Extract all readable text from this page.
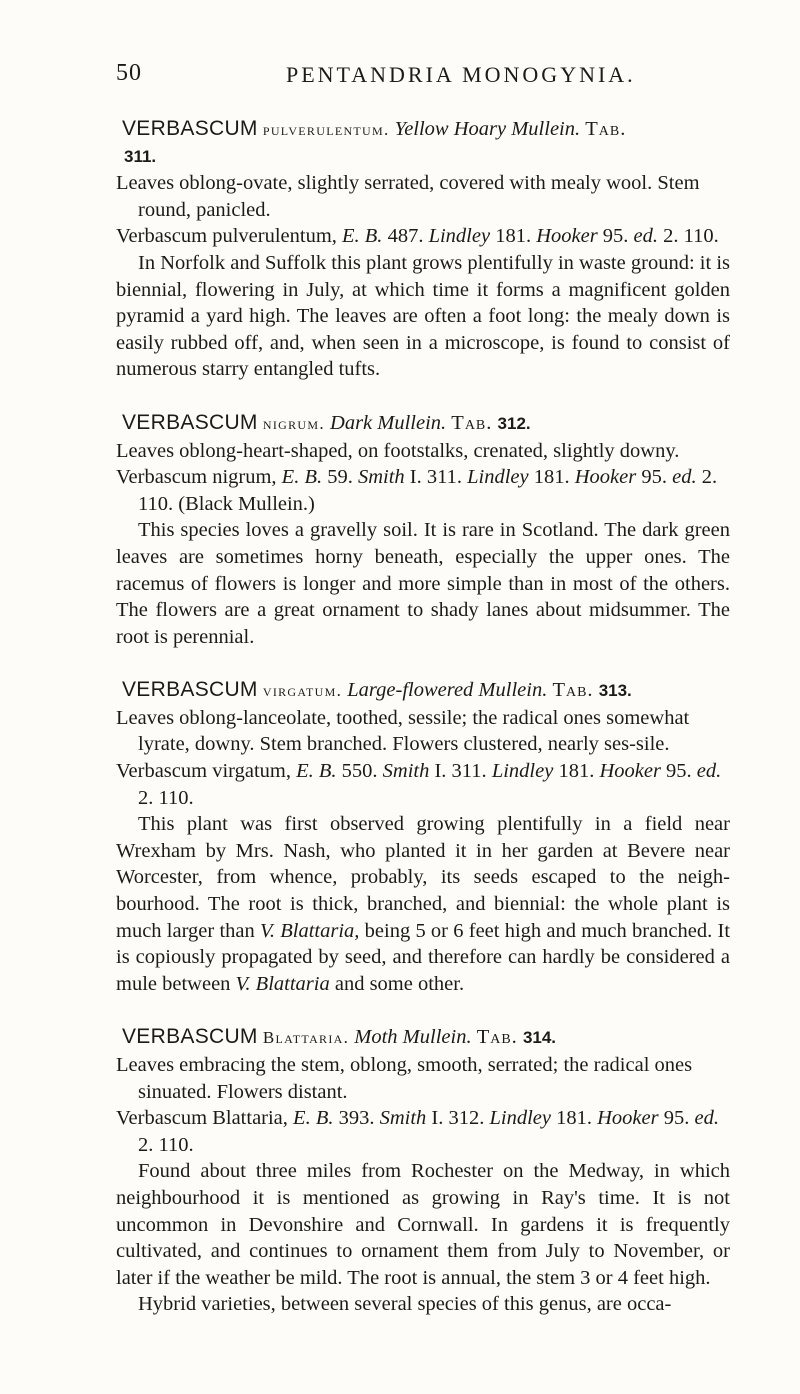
50	PENTANDRIA MONOGYNIA.

VERBASCUM pulverulentum. Yellow Hoary Mullein. Tab.
311.

Leaves oblong-ovate, slightly serrated, covered with mealy wool. Stem round, panicled.

Verbascum pulverulentum, E. B. 487. Lindley 181. Hooker 95. ed. 2. 110.

In Norfolk and Suffolk this plant grows plentifully in waste ground: it is biennial, flowering in July, at which time it forms a magnificent golden pyramid a yard high. The leaves are often a foot long: the mealy down is easily rubbed off, and, when seen in a microscope, is found to consist of numerous starry entangled tufts.

VERBASCUM nigrum. Dark Mullein. Tab. 312.

Leaves oblong-heart-shaped, on footstalks, crenated, slightly downy.

Verbascum nigrum, E. B. 59. Smith I. 311. Lindley 181. Hooker 95. ed. 2. 110. (Black Mullein.)

This species loves a gravelly soil. It is rare in Scotland. The dark green leaves are sometimes horny beneath, especially the upper ones. The racemus of flowers is longer and more simple than in most of the others. The flowers are a great ornament to shady lanes about midsummer. The root is perennial.

VERBASCUM virgatum. Large-flowered Mullein. Tab. 313.

Leaves oblong-lanceolate, toothed, sessile; the radical ones somewhat lyrate, downy. Stem branched. Flowers clustered, nearly ses-sile.

Verbascum virgatum, E. B. 550. Smith I. 311. Lindley 181. Hooker 95. ed. 2. 110.

This plant was first observed growing plentifully in a field near Wrexham by Mrs. Nash, who planted it in her garden at Bevere near Worcester, from whence, probably, its seeds escaped to the neigh-bourhood. The root is thick, branched, and biennial: the whole plant is much larger than V. Blattaria, being 5 or 6 feet high and much branched. It is copiously propagated by seed, and therefore can hardly be considered a mule between V. Blattaria and some other.

VERBASCUM Blattaria. Moth Mullein. Tab. 314.

Leaves embracing the stem, oblong, smooth, serrated; the radical ones sinuated. Flowers distant.

Verbascum Blattaria, E. B. 393. Smith I. 312. Lindley 181. Hooker 95. ed. 2. 110.

Found about three miles from Rochester on the Medway, in which neighbourhood it is mentioned as growing in Ray's time. It is not uncommon in Devonshire and Cornwall. In gardens it is frequently cultivated, and continues to ornament them from July to November, or later if the weather be mild. The root is annual, the stem 3 or 4 feet high.

Hybrid varieties, between several species of this genus, are occa-
